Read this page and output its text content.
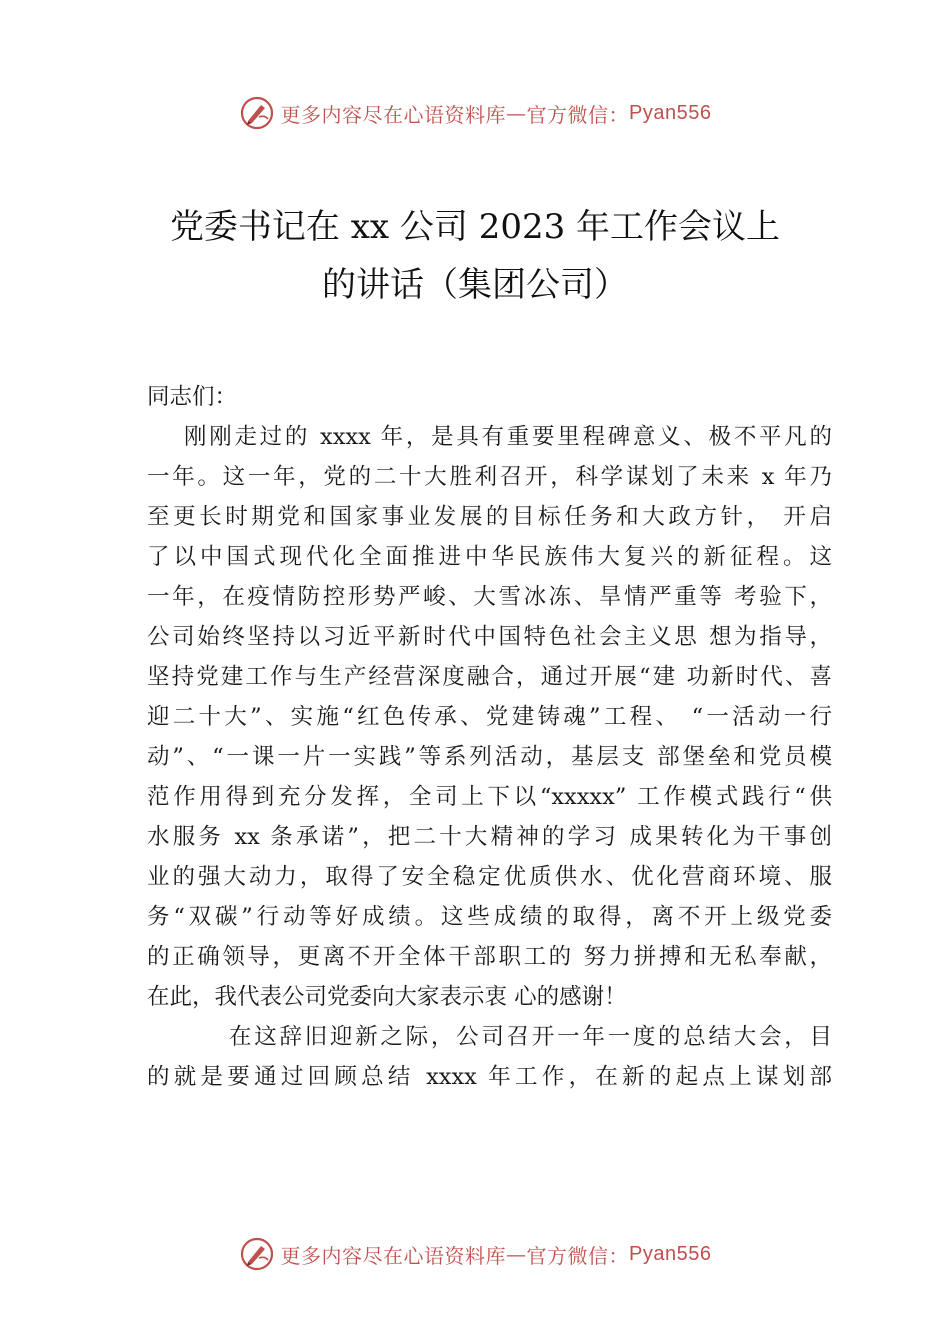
更多内容尽在心语资料库 — 官方微信： Pyan556
党委书记在 xx 公司 2023 年工作会议上
的讲话（集团公司）
同志们：
刚刚走过的 xxxx 年，是具有重要里程碑意义、极不平凡的
一年。这一年，党的二十大胜利召开，科学谋划了未来 x 年乃
至更长时期党和国家事业发展的目标任务和大政方针， 开启
了以中国式现代化全面推进中华民族伟大复兴的新征程。这
一年，在疫情防控形势严峻、大雪冰冻、旱情严重等 考验下，
公司始终坚持以习近平新时代中国特色社会主义思 想为指导，
坚持党建工作与生产经营深度融合，通过开展“建 功新时代、喜
迎二十大”、实施“红色传承、党建铸魂”工程、 “一活动一行
动”、“一课一片一实践”等系列活动，基层支 部堡垒和党员模
范作用得到充分发挥，全司上下以“xxxxx” 工作模式践行“供
水服务 xx 条承诺”，把二十大精神的学习 成果转化为干事创
业的强大动力，取得了安全稳定优质供水、优化营商环境、服
务“双碳”行动等好成绩。这些成绩的取得，离不开上级党委
的正确领导，更离不开全体干部职工的 努力拼搏和无私奉献，
在此，我代表公司党委向大家表示衷 心的感谢！
在这辞旧迎新之际，公司召开一年一度的总结大会，目
的就是要通过回顾总结 xxxx 年工作，在新的起点上谋划部
更多内容尽在心语资料库 — 官方微信： Pyan556
